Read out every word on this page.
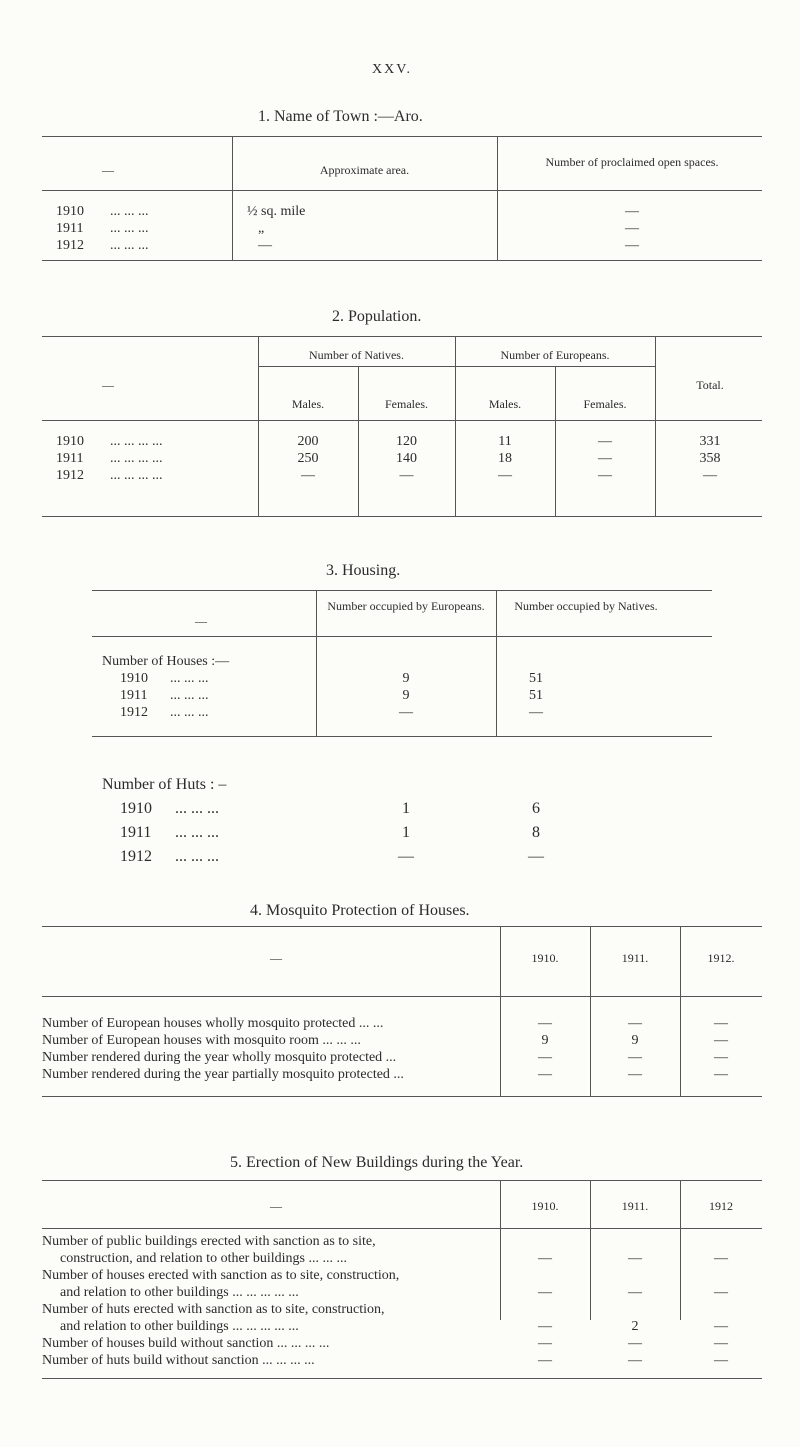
XXV.
1. Name of Town :—Aro.
—	Approximate area.
Number of proclaimed open spaces.
1910 ... ... ...	½ sq. mile	—
1911 ... ... ...	„	—
1912 ... ... ...	—	—
2. Population.
—
Number of Natives.	Number of Europeans.
Total.
Males.	Females.	Males.	Females.
1910 ... ... ... ...	200	120	11	—	331
1911 ... ... ... ...	250	140	18	—	358
1912 ... ... ... ...	—	—	—	—	—
3. Housing.
—
Number occupied by Europeans.	Number occupied by Natives.
Number of Houses :—
1910 ... ... ...	9	51
1911 ... ... ...	9	51
1912 ... ... ...	—	—
Number of Huts : –
1910 ... ... ...	1	6
1911 ... ... ...	1	8
1912 ... ... ...	—	—
4. Mosquito Protection of Houses.
—	1910.	1911.	1912.
Number of European houses wholly mosquito protected ... ...	—	—	—
Number of European houses with mosquito room ... ... ...	9	9	—
Number rendered during the year wholly mosquito protected ...	—	—	—
Number rendered during the year partially mosquito protected ...	—	—	—
5. Erection of New Buildings during the Year.
—	1910.	1911.	1912
Number of public buildings erected with sanction as to site,
construction, and relation to other buildings ... ... ...	—	—	—
Number of houses erected with sanction as to site, construction,
and relation to other buildings ... ... ... ... ...	—	—	—
Number of huts erected with sanction as to site, construction,
and relation to other buildings ... ... ... ... ...	—	2	—
Number of houses build without sanction ... ... ... ...	—	—	—
Number of huts build without sanction ... ... ... ...	—	—	—
